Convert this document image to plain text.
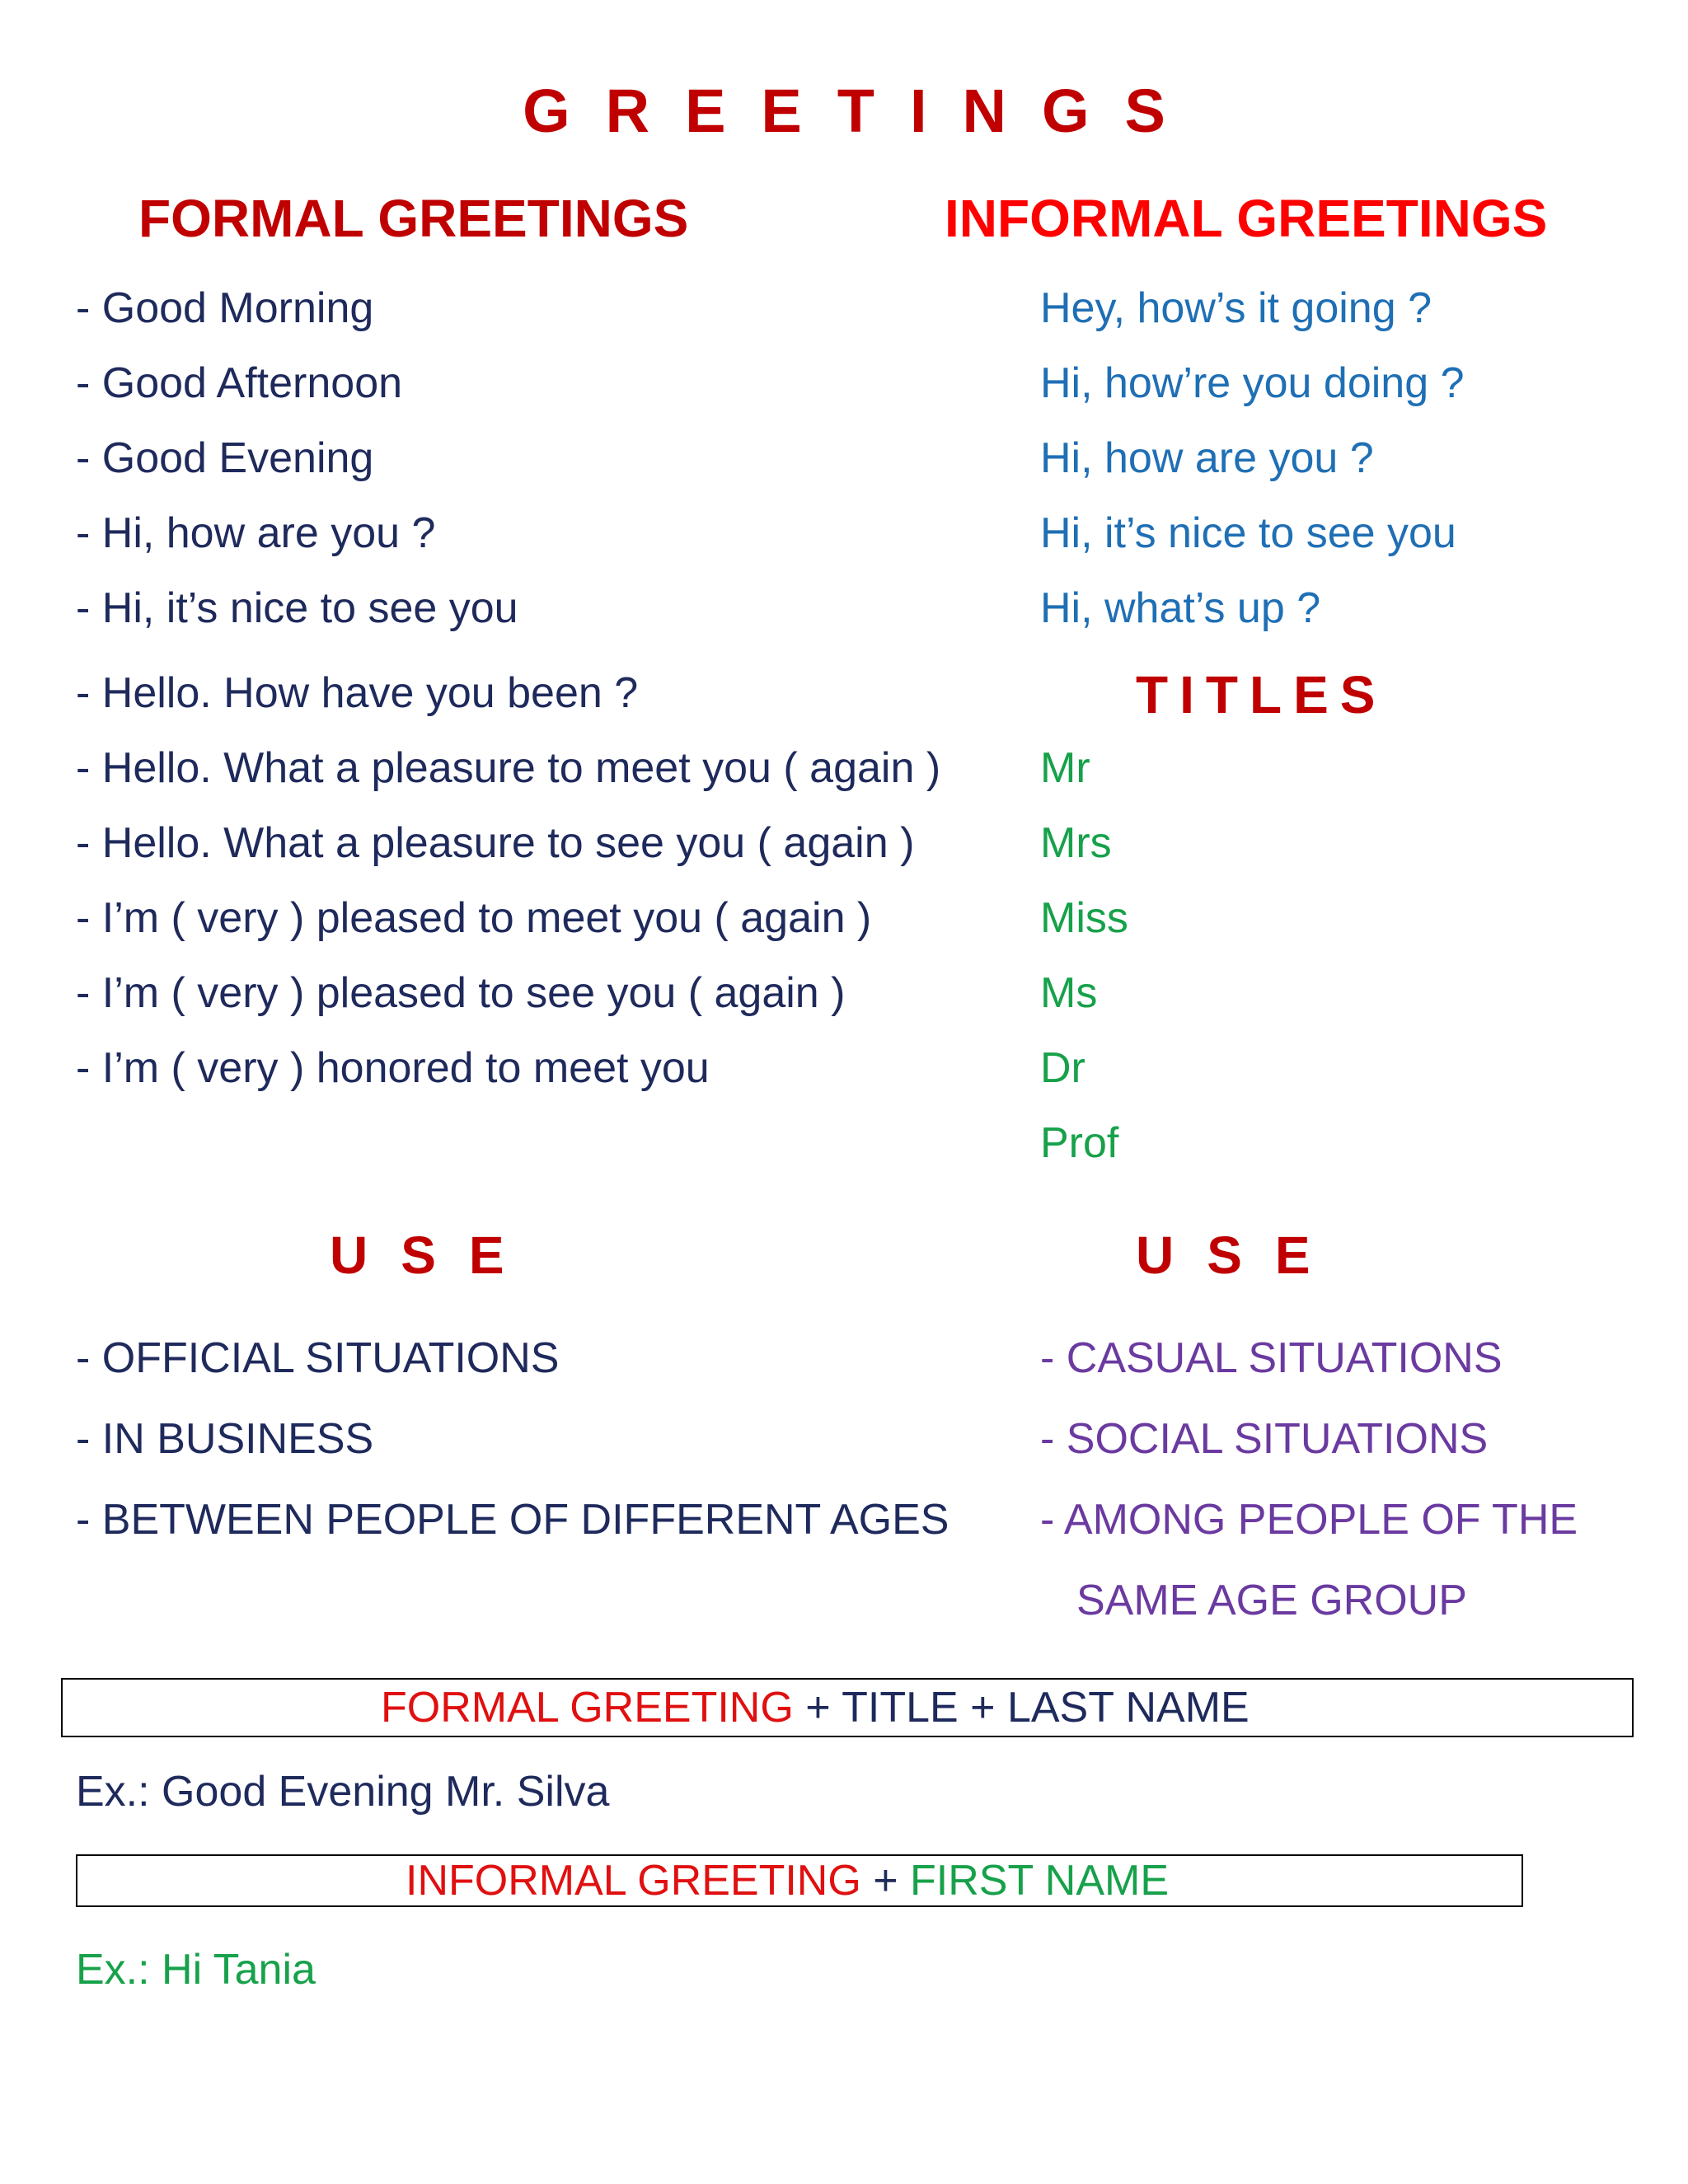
GREETINGS
FORMAL GREETINGS	INFORMAL GREETINGS
- Good Morning
- Good Afternoon
- Good Evening
- Hi, how are you ?
- Hi, it’s nice to see you
- Hello. How have you been ?
- Hello. What a pleasure to meet you ( again )
- Hello. What a pleasure to see you ( again )
- I’m ( very ) pleased to meet you ( again )
- I’m ( very ) pleased to see you ( again )
- I’m ( very ) honored to meet you
Hey, how’s it going ?
Hi, how’re you doing ?
Hi, how are you ?
Hi, it’s nice to see you
Hi, what’s up ?
TITLES
Mr
Mrs
Miss
Ms
Dr
Prof
USE	USE
- OFFICIAL SITUATIONS
- IN BUSINESS
- BETWEEN PEOPLE OF DIFFERENT AGES
- CASUAL SITUATIONS
- SOCIAL SITUATIONS
- AMONG PEOPLE OF THE
SAME AGE GROUP
FORMAL GREETING + TITLE + LAST NAME
Ex.: Good Evening Mr. Silva
INFORMAL GREETING + FIRST NAME
Ex.: Hi Tania
